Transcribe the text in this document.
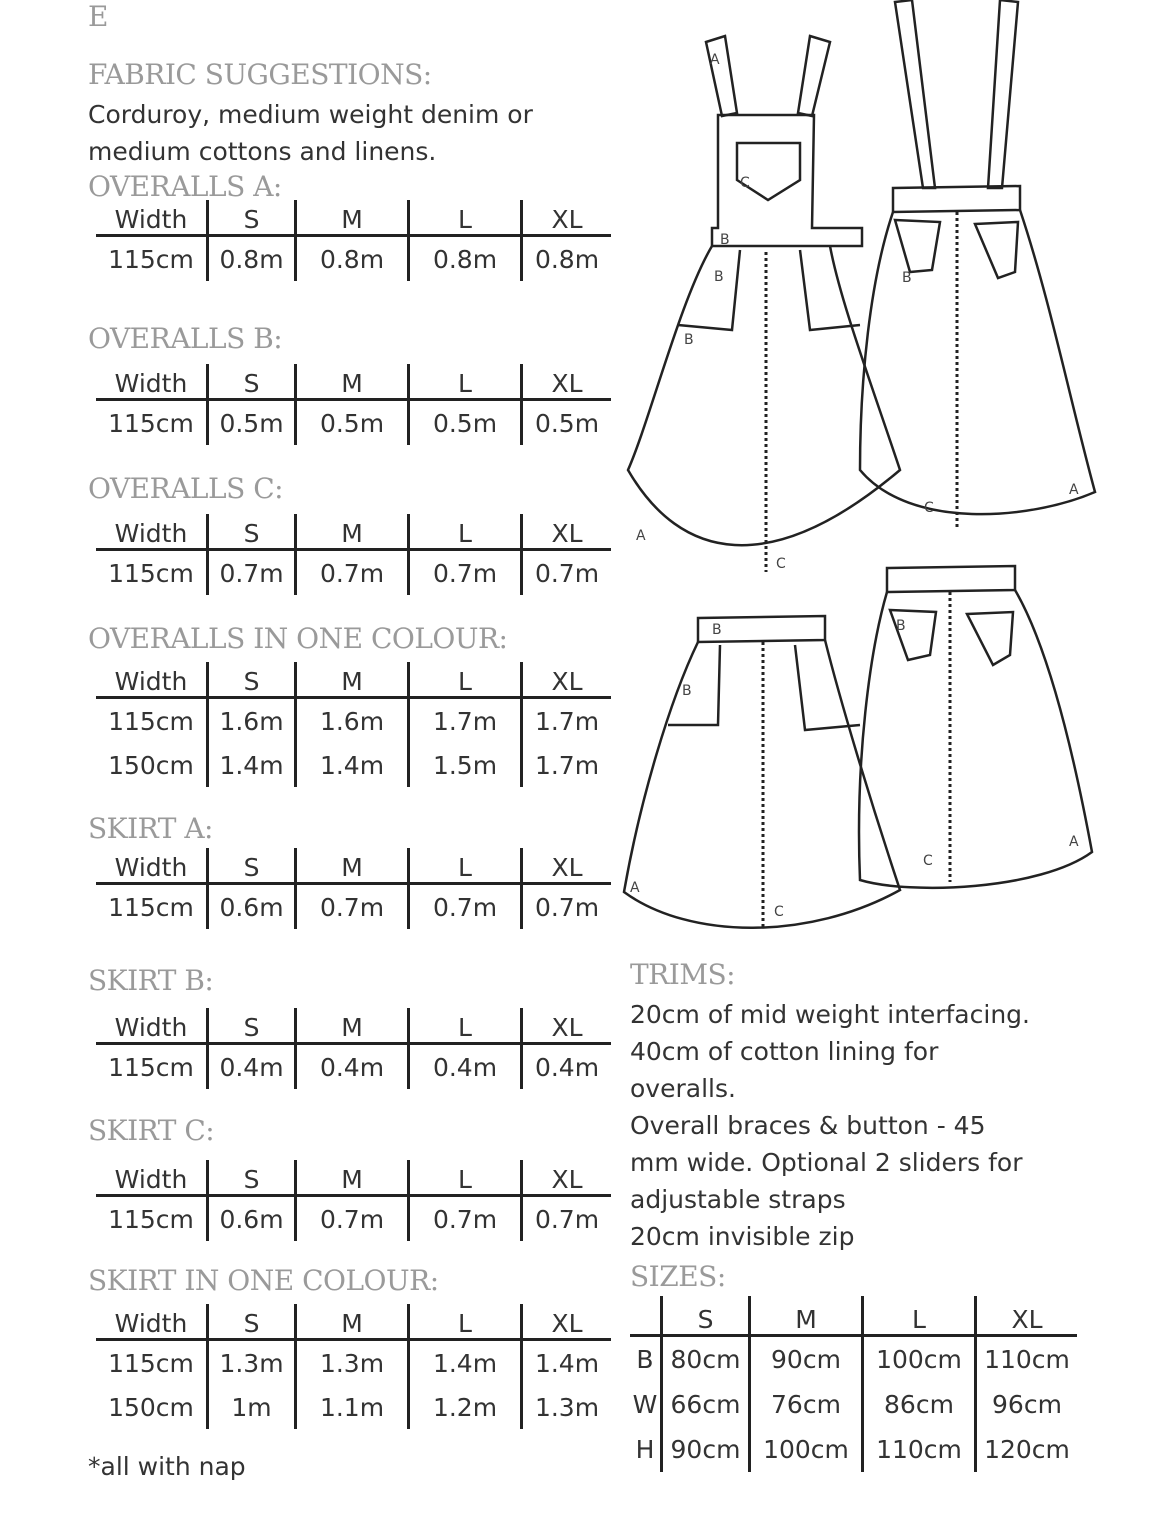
E
FABRIC SUGGESTIONS:
Corduroy, medium weight denim or medium cottons and linens.
OVERALLS A:
Width	S	M	L	XL
115cm	0.8m	0.8m	0.8m	0.8m
OVERALLS B:
Width	S	M	L	XL
115cm	0.5m	0.5m	0.5m	0.5m
OVERALLS C:
Width	S	M	L	XL
115cm	0.7m	0.7m	0.7m	0.7m
OVERALLS IN ONE COLOUR:
Width	S	M	L	XL
115cm	1.6m	1.6m	1.7m	1.7m
150cm	1.4m	1.4m	1.5m	1.7m
SKIRT A:
Width	S	M	L	XL
115cm	0.6m	0.7m	0.7m	0.7m
SKIRT B:
Width	S	M	L	XL
115cm	0.4m	0.4m	0.4m	0.4m
SKIRT C:
Width	S	M	L	XL
115cm	0.6m	0.7m	0.7m	0.7m
SKIRT IN ONE COLOUR:
Width	S	M	L	XL
115cm	1.3m	1.3m	1.4m	1.4m
150cm	1m	1.1m	1.2m	1.3m
*all with nap
A
C
B
B
B
A
C
B
C
A
B
B
A
C
B
C
A
TRIMS:
20cm of mid weight interfacing.
40cm of cotton lining for
overalls.
Overall braces & button - 45
mm wide. Optional 2 sliders for
adjustable straps
20cm invisible zip
SIZES:
	S	M	L	XL
B	80cm	90cm	100cm	110cm
W	66cm	76cm	86cm	96cm
H	90cm	100cm	110cm	120cm
